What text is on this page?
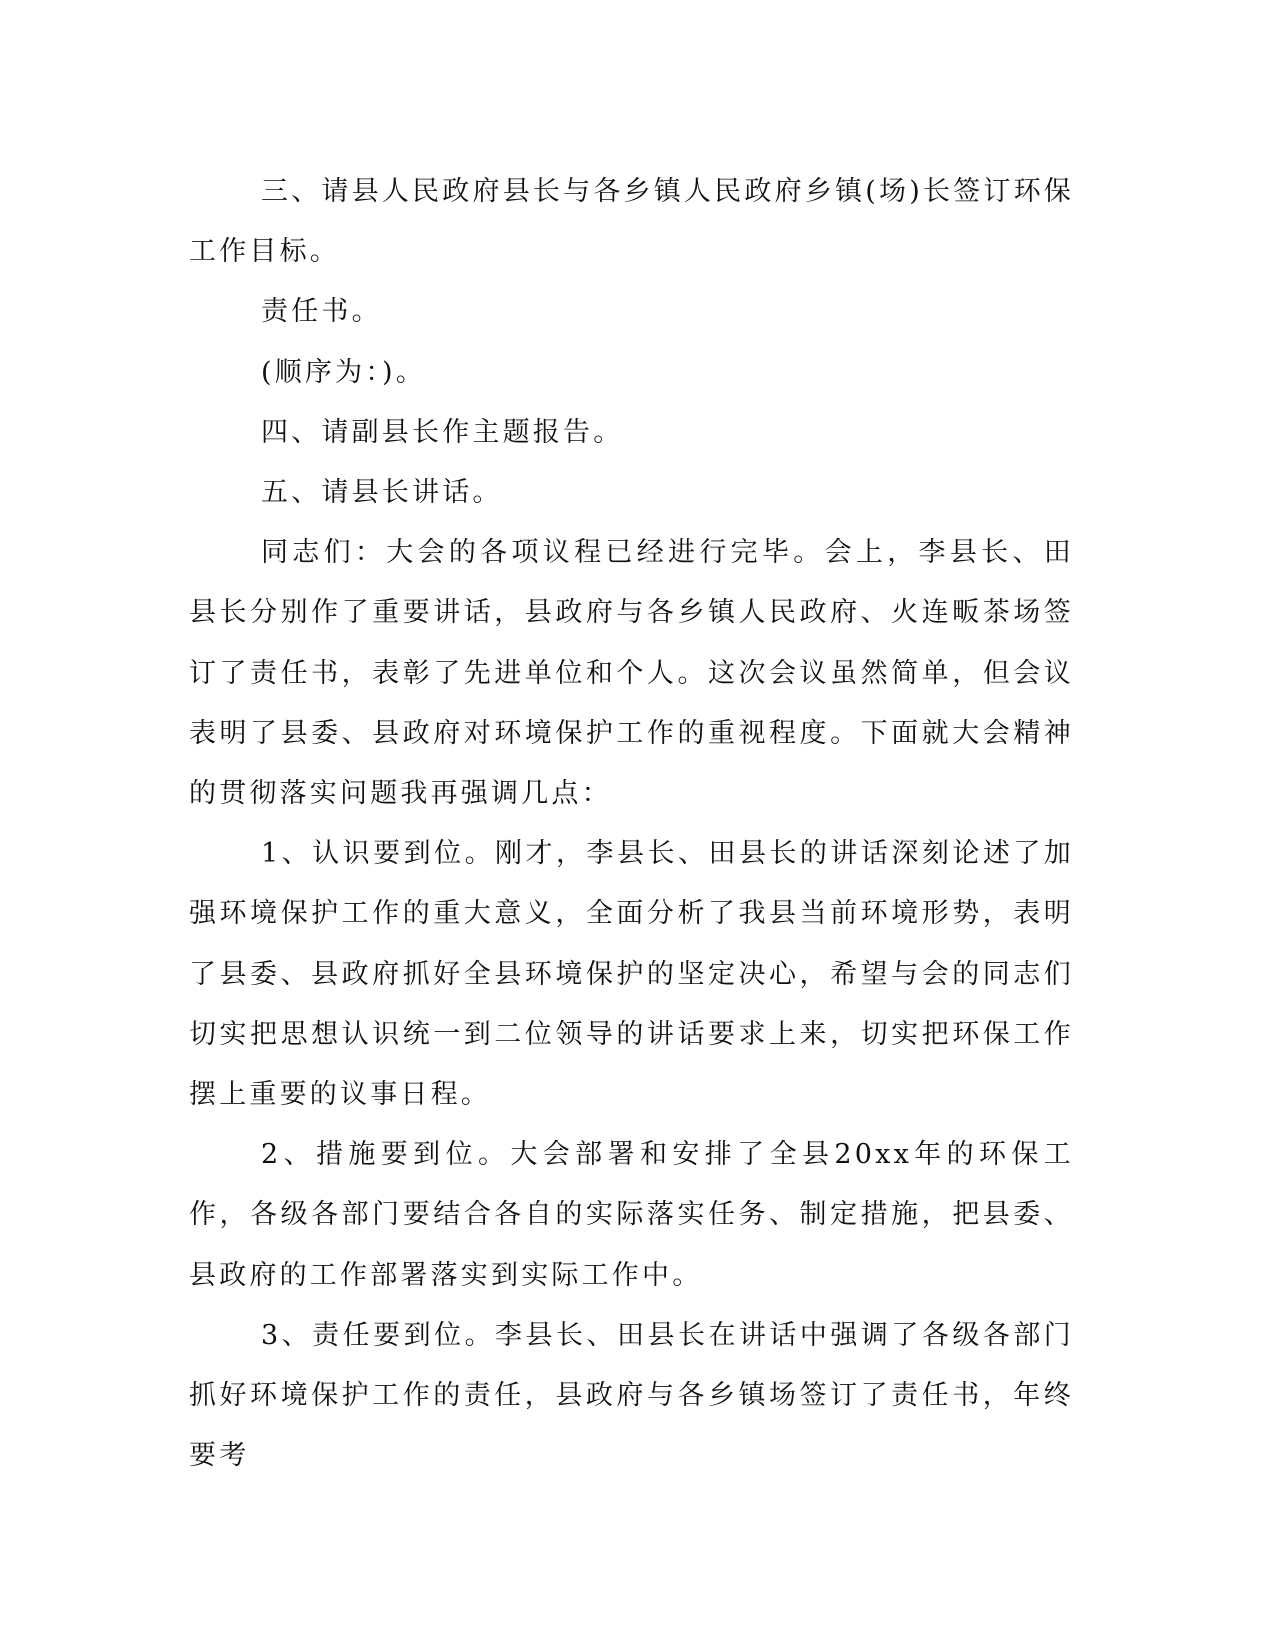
三、请县人民政府县长与各乡镇人民政府乡镇(场)长签订环保工作目标。

责任书。

(顺序为：)。

四、请副县长作主题报告。

五、请县长讲话。

同志们：大会的各项议程已经进行完毕。会上，李县长、田县长分别作了重要讲话，县政府与各乡镇人民政府、火连畈茶场签订了责任书，表彰了先进单位和个人。这次会议虽然简单，但会议表明了县委、县政府对环境保护工作的重视程度。下面就大会精神的贯彻落实问题我再强调几点：

1、认识要到位。刚才，李县长、田县长的讲话深刻论述了加强环境保护工作的重大意义，全面分析了我县当前环境形势，表明了县委、县政府抓好全县环境保护的坚定决心，希望与会的同志们切实把思想认识统一到二位领导的讲话要求上来，切实把环保工作摆上重要的议事日程。

2、措施要到位。大会部署和安排了全县20xx年的环保工作，各级各部门要结合各自的实际落实任务、制定措施，把县委、县政府的工作部署落实到实际工作中。

3、责任要到位。李县长、田县长在讲话中强调了各级各部门抓好环境保护工作的责任，县政府与各乡镇场签订了责任书，年终要考
